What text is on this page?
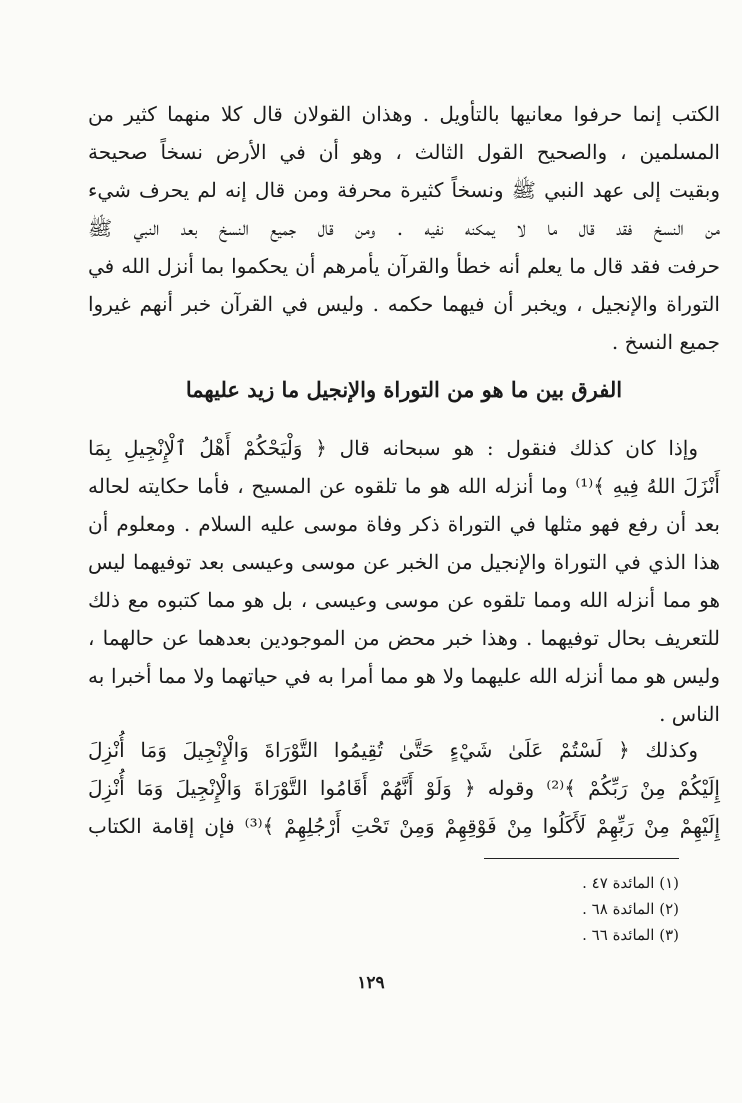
الكتب إنما حرفوا معانيها بالتأويل . وهذان القولان قال كلا منهما كثير من
المسلمين ، والصحيح القول الثالث ، وهو أن في الأرض نسخاً صحيحة
وبقيت إلى عهد النبي ﷺ ونسخاً كثيرة محرفة ومن قال إنه لم يحرف شيء
من النسخ فقد قال ما لا يمكنه نفيه . ومن قال جميع النسخ بعد النبي ﷺ
حرفت فقد قال ما يعلم أنه خطأ والقرآن يأمرهم أن يحكموا بما أنزل الله في
التوراة والإنجيل ، ويخبر أن فيهما حكمه . وليس في القرآن خبر أنهم غيروا
جميع النسخ .
الفرق بين ما هو من التوراة والإنجيل ما زيد عليهما
وإذا كان كذلك فنقول : هو سبحانه قال ﴿ وَلْيَحْكُمْ أَهْلُ ٱلْإِنْجِيلِ بِمَا
أَنْزَلَ اللهُ فِيهِ ﴾⁽¹⁾ وما أنزله الله هو ما تلقوه عن المسيح ، فأما حكايته لحاله
بعد أن رفع فهو مثلها في التوراة ذكر وفاة موسى عليه السلام . ومعلوم أن
هذا الذي في التوراة والإنجيل من الخبر عن موسى وعيسى بعد توفيهما ليس
هو مما أنزله الله ومما تلقوه عن موسى وعيسى ، بل هو مما كتبوه مع ذلك
للتعريف بحال توفيهما . وهذا خبر محض من الموجودين بعدهما عن حالهما ،
وليس هو مما أنزله الله عليهما ولا هو مما أمرا به في حياتهما ولا مما أخبرا به
الناس .
وكذلك ﴿ لَسْتُمْ عَلَىٰ شَيْءٍ حَتَّىٰ تُقِيمُوا التَّوْرَاةَ وَالْإِنْجِيلَ وَمَا أُنْزِلَ
إِلَيْكُمْ مِنْ رَبِّكُمْ ﴾⁽²⁾ وقوله ﴿ وَلَوْ أَنَّهُمْ أَقَامُوا التَّوْرَاةَ وَالْإِنْجِيلَ وَمَا أُنْزِلَ
إِلَيْهِمْ مِنْ رَبِّهِمْ لَأَكَلُوا مِنْ فَوْقِهِمْ وَمِنْ تَحْتِ أَرْجُلِهِمْ ﴾⁽³⁾ فإن إقامة الكتاب
(١) المائدة ٤٧ .
(٢) المائدة ٦٨ .
(٣) المائدة ٦٦ .
١٢٩
